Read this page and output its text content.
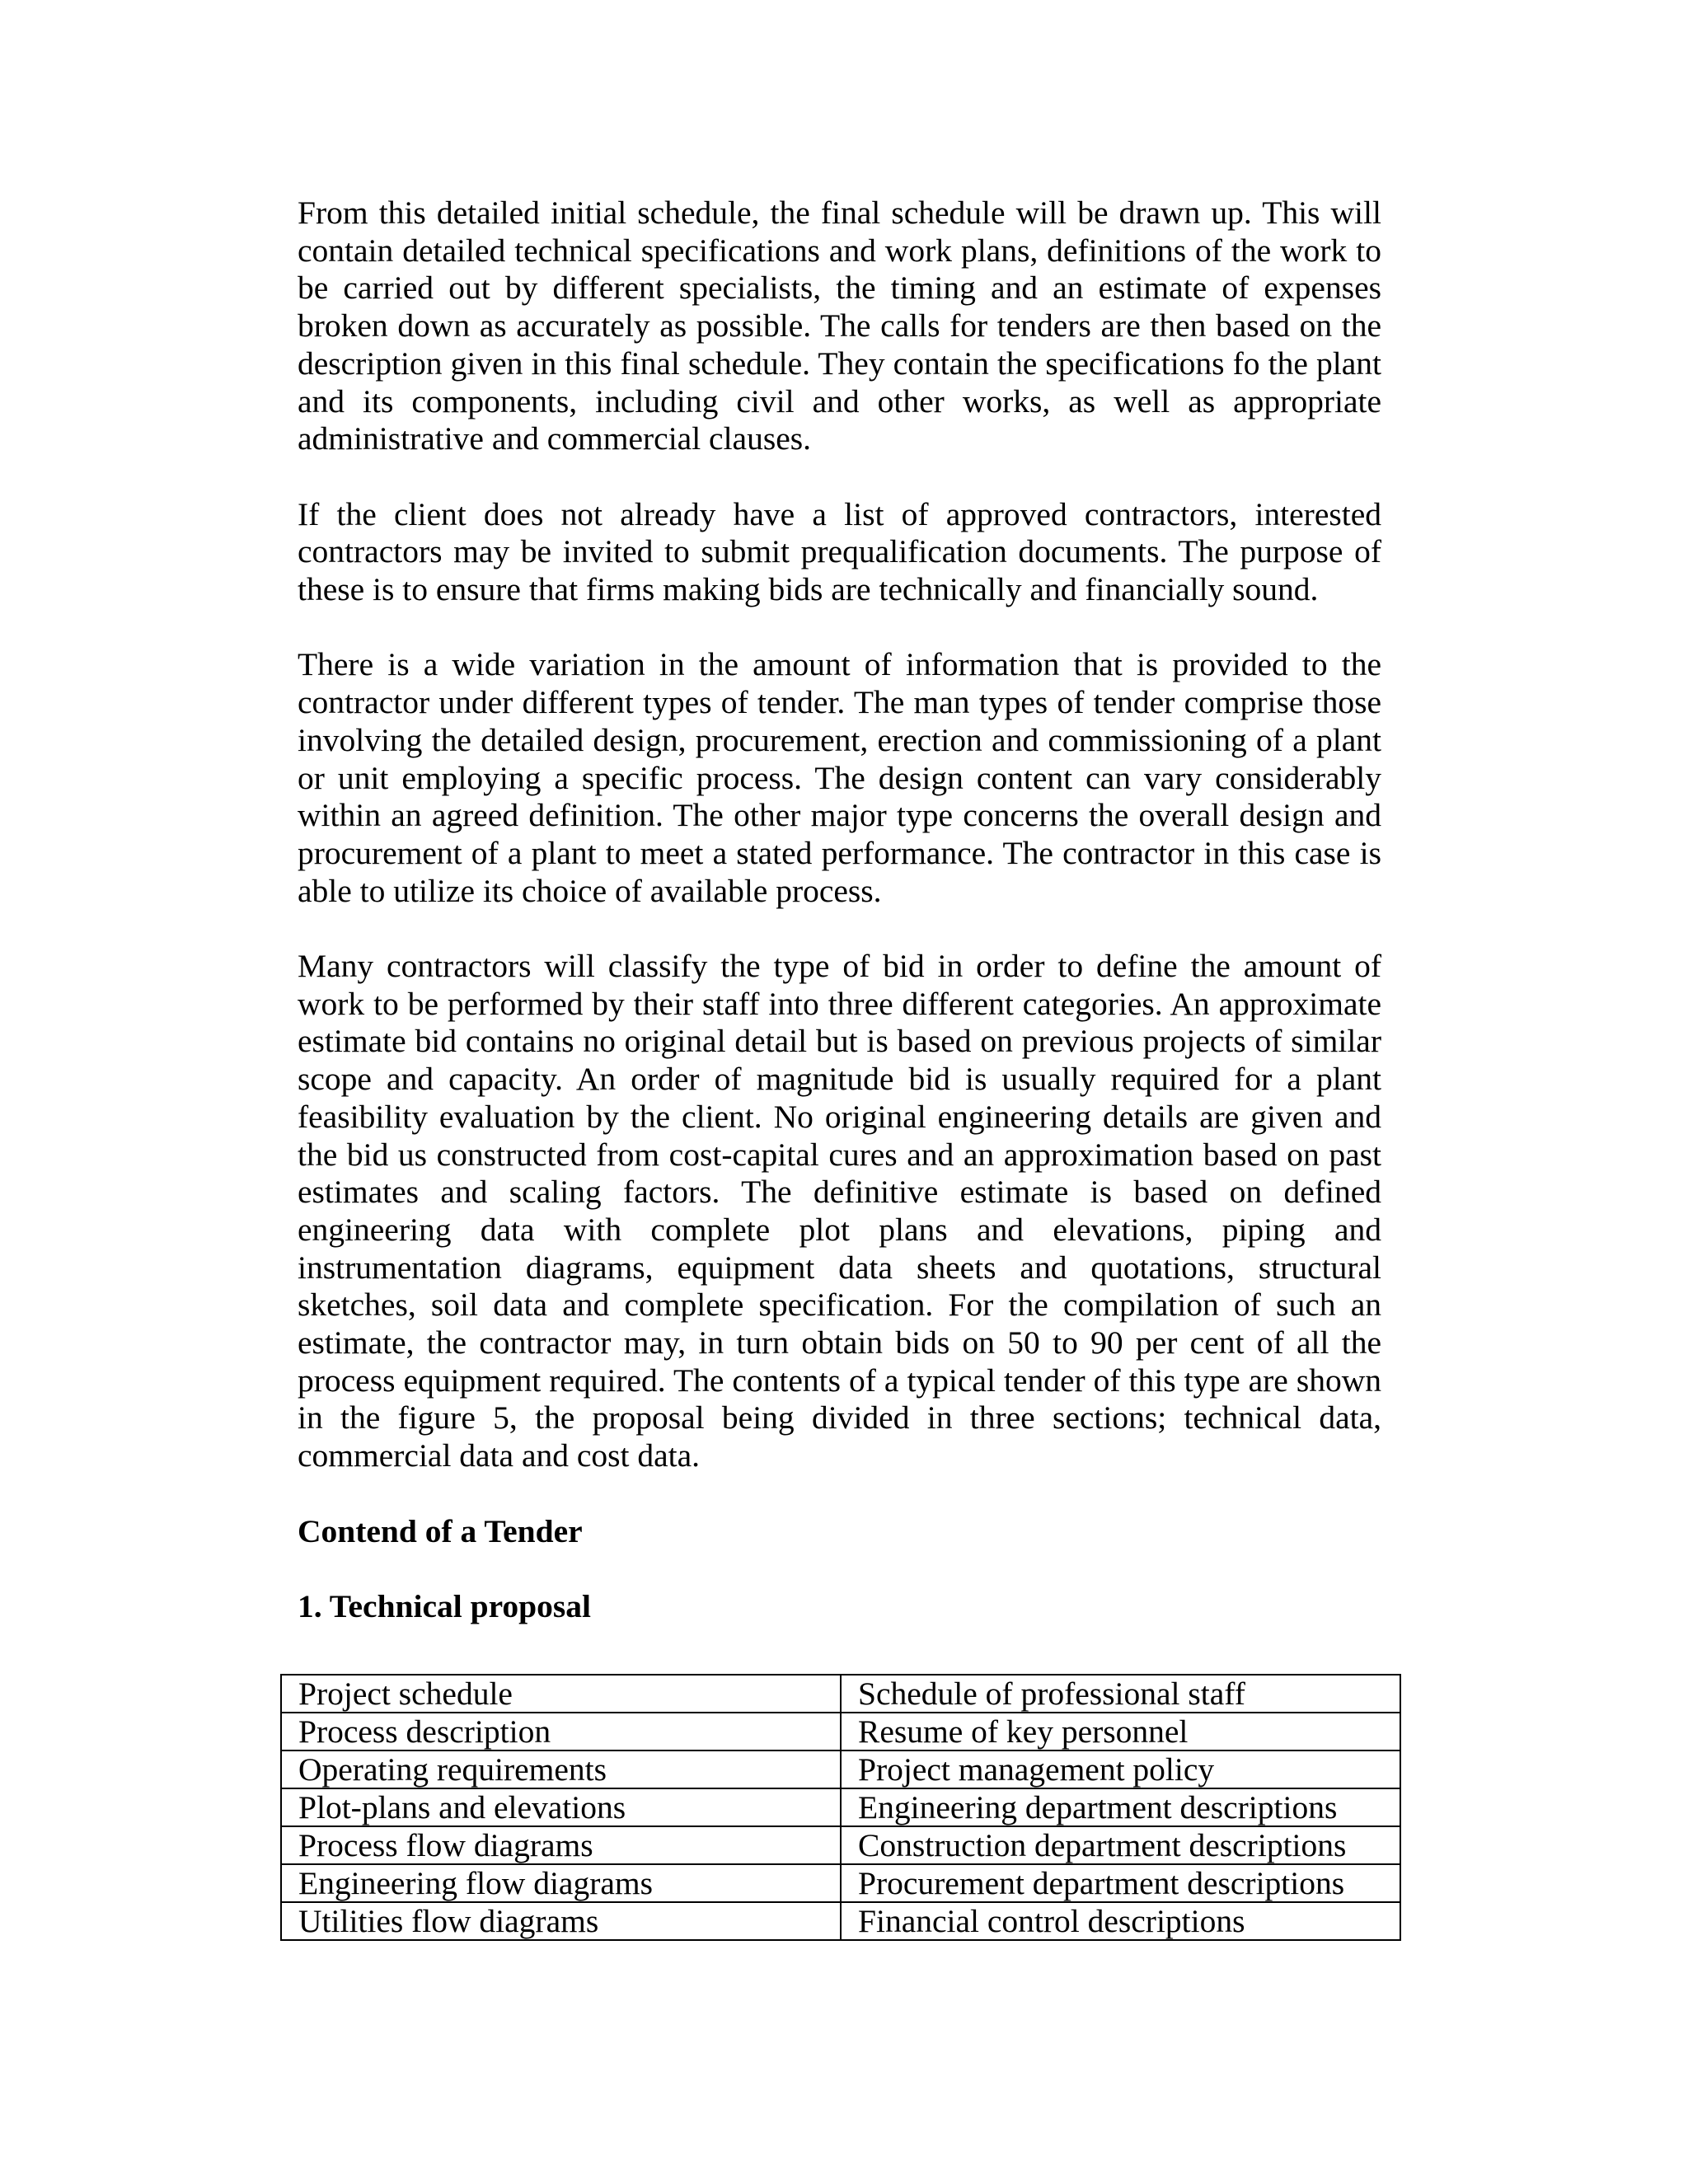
From this detailed initial schedule, the final schedule will be drawn up. This will contain detailed technical specifications and work plans, definitions of the work to be carried out by different specialists, the timing and an estimate of expenses broken down as accurately as possible. The calls for tenders are then based on the description given in this final schedule. They contain the specifications fo the plant and its components, including civil and other works, as well as appropriate administrative and commercial clauses.

If the client does not already have a list of approved contractors, interested contractors may be invited to submit prequalification documents. The purpose of these is to ensure that firms making bids are technically and financially sound.

There is a wide variation in the amount of information that is provided to the contractor under different types of tender. The man types of tender comprise those involving the detailed design, procurement, erection and commissioning of a plant or unit employing a specific process. The design content can vary considerably within an agreed definition. The other major type concerns the overall design and procurement of a plant to meet a stated performance. The contractor in this case is able to utilize its choice of available process.

Many contractors will classify the type of bid in order to define the amount of work to be performed by their staff into three different categories. An approximate estimate bid contains no original detail but is based on previous projects of similar scope and capacity. An order of magnitude bid is usually required for a plant feasibility evaluation by the client. No original engineering details are given and the bid us constructed from cost-capital cures and an approximation based on past estimates and scaling factors. The definitive estimate is based on defined engineering data with complete plot plans and elevations, piping and instrumentation diagrams, equipment data sheets and quotations, structural sketches, soil data and complete specification. For the compilation of such an estimate, the contractor may, in turn obtain bids on 50 to 90 per cent of all the process equipment required. The contents of a typical tender of this type are shown in the figure 5, the proposal being divided in three sections; technical data, commercial data and cost data.

Contend of a Tender
1. Technical proposal
Project schedule	Schedule of professional staff
Process description	Resume of key personnel
Operating requirements	Project management policy
Plot-plans and elevations	Engineering department descriptions
Process flow diagrams	Construction department descriptions
Engineering flow diagrams	Procurement department descriptions
Utilities flow diagrams	Financial control descriptions
